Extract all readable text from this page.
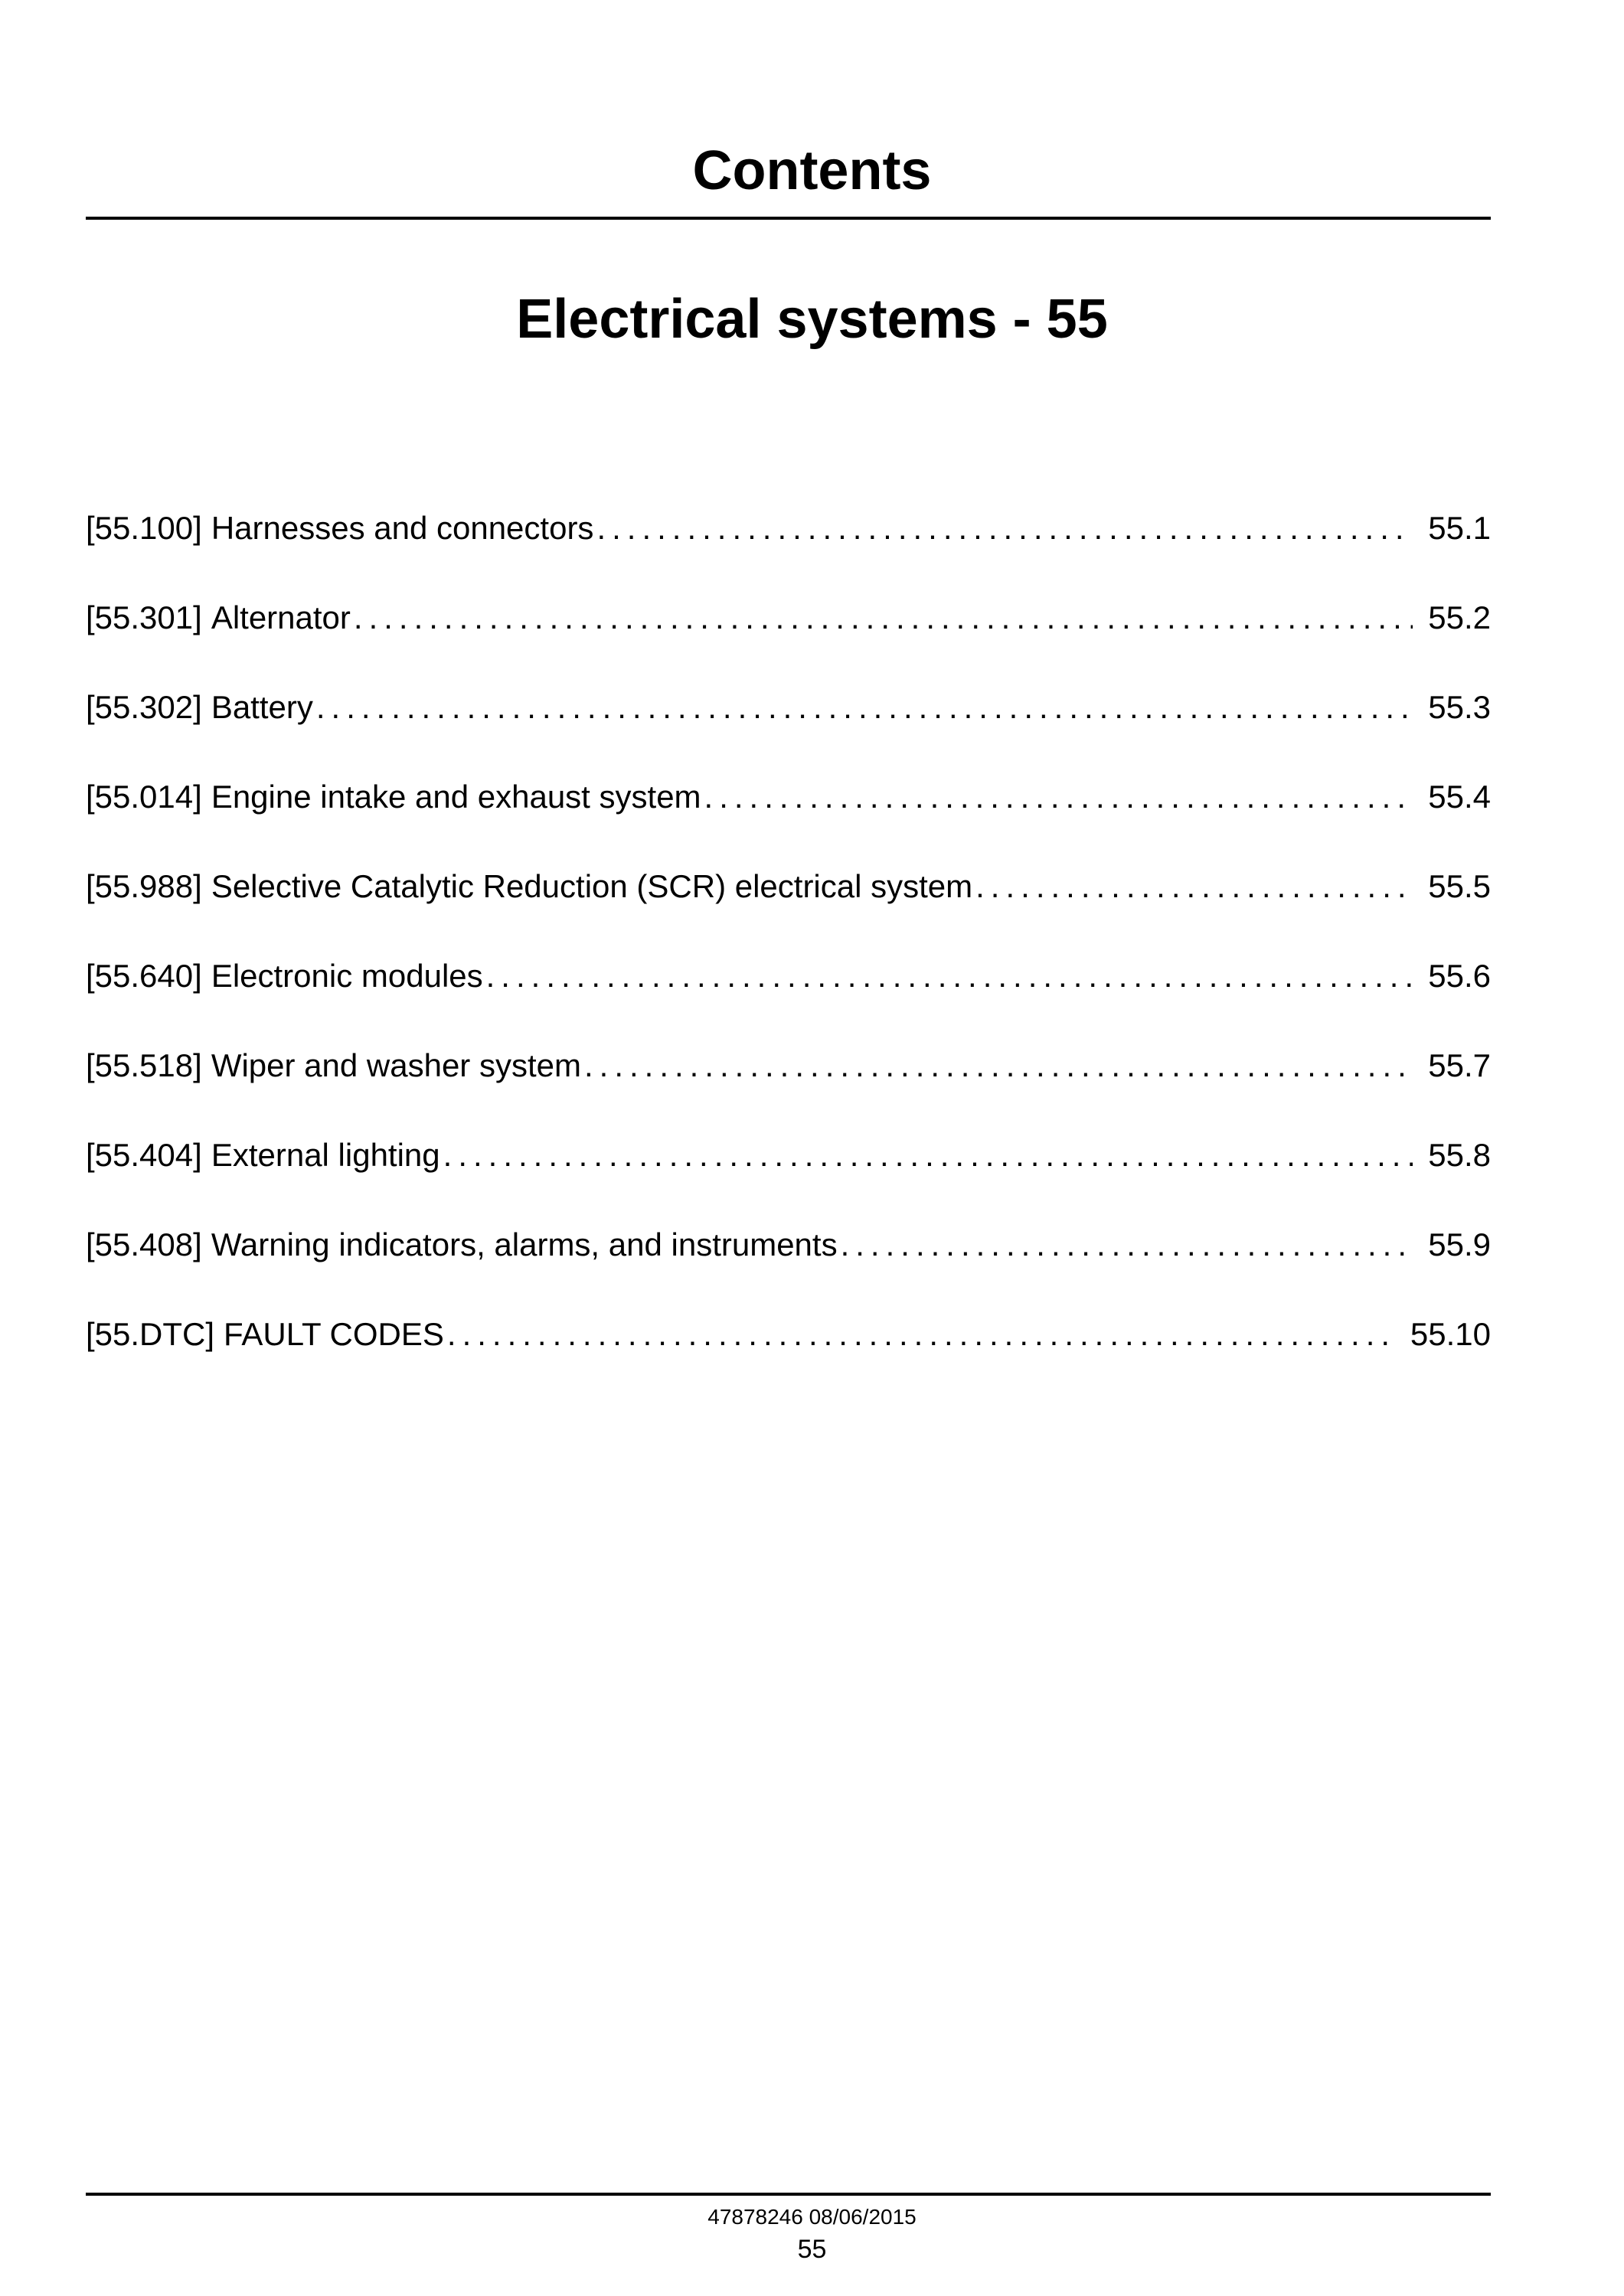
Contents
Electrical systems - 55
[55.100] Harnesses and connectors .....	55.1
[55.301] Alternator .....	55.2
[55.302] Battery .....	55.3
[55.014] Engine intake and exhaust system .....	55.4
[55.988] Selective Catalytic Reduction (SCR) electrical system .....	55.5
[55.640] Electronic modules .....	55.6
[55.518] Wiper and washer system .....	55.7
[55.404] External lighting .....	55.8
[55.408] Warning indicators, alarms, and instruments .....	55.9
[55.DTC] FAULT CODES .....	55.10
47878246 08/06/2015
55
